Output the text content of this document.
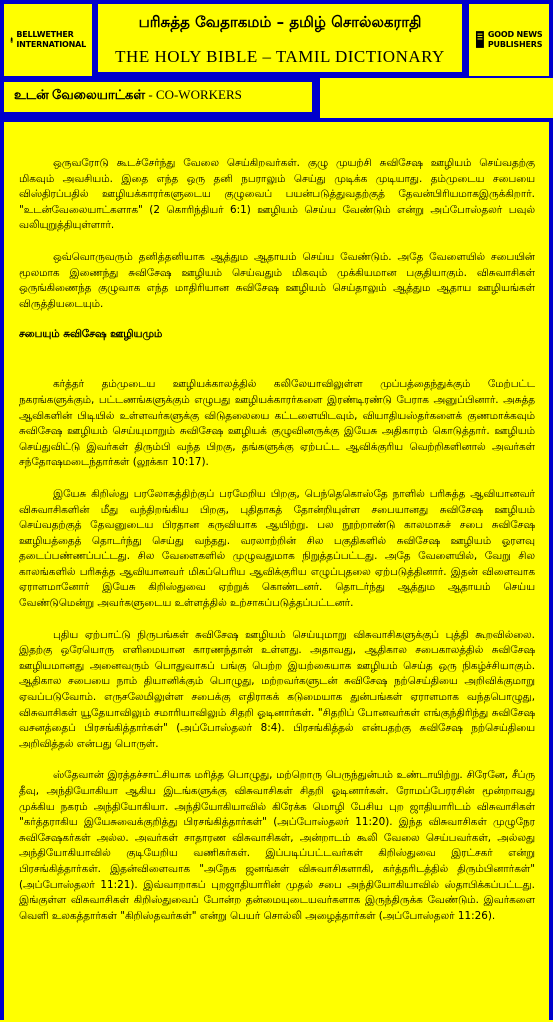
BELLWETHER INTERNATIONAL
பரிசுத்த வேதாகமம் – தமிழ் சொல்லகராதி
THE HOLY BIBLE – TAMIL DICTIONARY
GOOD NEWS PUBLISHERS
உடன் வேலையாட்கள் - CO-WORKERS

ஒருவரோடு கூடச்சேர்ந்து வேலை செய்கிறவர்கள். குழு முயற்சி சுவிசேஷ ஊழியம் செய்வதற்கு மிகவும் அவசியம். இதை எந்த ஒரு தனி நபராலும் செய்து முடிக்க முடியாது. தம்முடைய சபையை விஸ்திரப்பதில் ஊழியக்காரர்களுடைய குழுவைப் பயன்படுத்துவதற்குத் தேவன்பிரியமாகஇருக்கிறார். "உடன்வேலையாட்களாக" (2 கொரிந்தியர் 6:1) ஊழியம் செய்ய வேண்டும் என்று அப்போஸ்தலர் பவுல் வலியுறுத்தியுள்ளார்.

ஒவ்வொருவரும் தனித்தனியாக ஆத்தும ஆதாயம் செய்ய வேண்டும். அதே வேளையில் சபையின் மூலமாக இணைந்து சுவிசேஷ ஊழியம் செய்வதும் மிகவும் முக்கியமான பகுதியாகும். விசுவாசிகள் ஒருங்கிணைந்த குழுவாக எந்த மாதிரியான சுவிசேஷ ஊழியம் செய்தாலும் ஆத்தும ஆதாய ஊழியங்கள் விருத்தியடையும்.

சபையும் சுவிசேஷ ஊழியமும்

கர்த்தர் தம்முடைய ஊழியக்காலத்தில் கலிலேயாவிலுள்ள முப்பத்தைந்துக்கும் மேற்பட்ட நகரங்களுக்கும், பட்டணங்களுக்கும் எழுபது ஊழியக்காரர்களை இரண்டிரண்டு பேராக அனுப்பினார். அசுத்த ஆவிகளின் பிடியில் உள்ளவர்களுக்கு விடுதலையை கட்டளையிடவும், வியாதியஸ்தர்களைக் குணமாக்கவும் சுவிசேஷ ஊழியம் செய்யுமாறும் சுவிசேஷ ஊழியக் குழுவினருக்கு இயேசு அதிகாரம் கொடுத்தார். ஊழியம் செய்துவிட்டு இவர்கள் திரும்பி வந்த பிறகு, தங்களுக்கு ஏற்பட்ட ஆவிக்குரிய வெற்றிகளினால் அவர்கள் சந்தோஷமடைந்தார்கள் (லூக்கா 10:17).

இயேசு கிறிஸ்து பரலோகத்திற்குப் பரமேறிய பிறகு, பெந்தெகொஸ்தே நாளில் பரிசுத்த ஆவியானவர் விசுவாசிகளின் மீது வந்திறங்கிய பிறகு, புதிதாகத் தோன்றியுள்ள சபையானது சுவிசேஷ ஊழியம் செய்வதற்குத் தேவனுடைய பிரதான கருவியாக ஆயிற்று. பல நூற்றாண்டு காலமாகச் சபை சுவிசேஷ ஊழியத்தைத் தொடர்ந்து செய்து வந்தது. வரலாற்றின் சில பகுதிகளில் சுவிசேஷ ஊழியம் ஓரளவு தடைப்பண்ணப்பட்டது. சில வேளைகளில் முழுவதுமாக நிறுத்தப்பட்டது. அதே வேளையில், வேறு சில காலங்களில் பரிசுத்த ஆவியானவர் மிகப்பெரிய ஆவிக்குரிய எழுப்புதலை ஏற்படுத்தினார். இதன் விளைவாக ஏராளமானோர் இயேசு கிறிஸ்துவை ஏற்றுக் கொண்டனர். தொடர்ந்து ஆத்தும ஆதாயம் செய்ய வேண்டுமென்று அவர்களுடைய உள்ளத்தில் உற்சாகப்படுத்தப்பட்டனர்.

புதிய ஏற்பாட்டு நிருபங்கள் சுவிசேஷ ஊழியம் செய்யுமாறு விசுவாசிகளுக்குப் புத்தி கூறவில்லை. இதற்கு ஒரேயொரு எளிமையான காரணந்தான் உள்ளது. அதாவது, ஆதிகால சபைகாலத்தில் சுவிசேஷ ஊழியமானது அனைவரும் பொதுவாகப் பங்கு பெற்ற இயற்கையாக ஊழியம் செய்த ஒரு நிகழ்ச்சியாகும். ஆதிகால சபையை நாம் தியானிக்கும் பொழுது, மற்றவர்களுடன் சுவிசேஷ நற்செய்தியை அறிவிக்குமாறு ஏவப்படுவோம். எருசலேமிலுள்ள சபைக்கு எதிராகக் கடுமையாக துன்பங்கள் ஏராளமாக வந்தபொழுது, விசுவாசிகள் யூதேயாவிலும் சமாரியாவிலும் சிதறி ஓடினார்கள். "சிதறிப் போனவர்கள் எங்குந்திரிந்து சுவிசேஷ வசனத்தைப் பிரசங்கித்தார்கள்" (அப்போஸ்தலர் 8:4). பிரசங்கித்தல் என்பதற்கு சுவிசேஷ நற்செய்தியை அறிவித்தல் என்பது பொருள்.

ஸ்தேவான் இரத்தச்சாட்சியாக மரித்த பொழுது, மற்றொரு பெருந்துன்பம் உண்டாயிற்று. சிரேனே, சீப்ரு தீவு, அந்தியோகியா ஆகிய இடங்களுக்கு விசுவாசிகள் சிதறி ஓடினார்கள். ரோமப்பேரரசின் மூன்றாவது முக்கிய நகரம் அந்தியோகியா. அந்தியோகியாவில் கிரேக்க மொழி பேசிய புற ஜாதியாரிடம் விசுவாசிகள் "கர்த்தராகிய இயேசுவைக்குறித்து பிரசங்கித்தார்கள்" (அப்போஸ்தலர் 11:20). இந்த விசுவாசிகள் முழுநேர சுவிசேஷகர்கள் அல்ல. அவர்கள் சாதாரண விசுவாசிகள், அன்றாடம் கூலி வேலை செய்பவர்கள், அல்லது அந்தியோகியாவில் குடியேறிய வணிகர்கள். இப்படிப்பட்டவர்கள் கிறிஸ்துவை இரட்சகர் என்று பிரசங்கித்தார்கள். இதன்விளைவாக "அநேக ஜனங்கள் விசுவாசிகளாகி, கர்த்தரிடத்தில் திரும்பினார்கள்" (அப்போஸ்தலர் 11:21). இவ்வாறாகப் புறஜாதியாரின் முதல் சபை அந்தியோகியாவில் ஸ்தாபிக்கப்பட்டது. இங்குள்ள விசுவாசிகள் கிறிஸ்துவைப் போன்ற தன்மையுடையவர்களாக இருந்திருக்க வேண்டும். இவர்களை வெளி உலகத்தார்கள் "கிறிஸ்தவர்கள்" என்று பெயர் சொல்லி அழைத்தார்கள் (அப்போஸ்தலர் 11:26).
